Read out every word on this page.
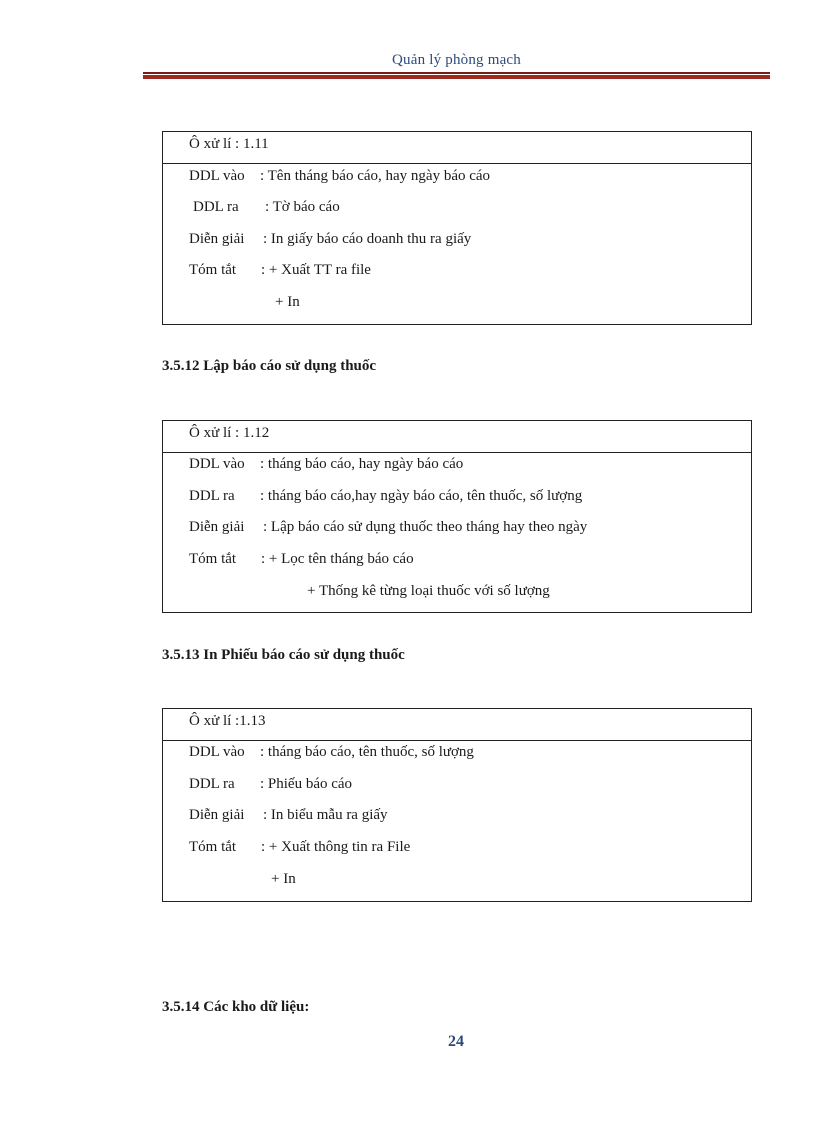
Quản lý phòng mạch
Ô xử lí : 1.11
DDL vào : Tên tháng báo cáo, hay ngày báo cáo
DDL ra : Tờ báo cáo
Diễn giải : In giấy báo cáo doanh thu ra giấy
Tóm tắt : + Xuất TT ra file
+ In
3.5.12 Lập báo cáo sử dụng thuốc
Ô xử lí : 1.12
DDL vào : tháng báo cáo, hay ngày báo cáo
DDL ra : tháng báo cáo,hay ngày báo cáo, tên thuốc, số lượng
Diễn giải : Lập báo cáo sử dụng thuốc theo tháng hay theo ngày
Tóm tắt : + Lọc tên tháng báo cáo
+ Thống kê từng loại thuốc với số lượng
3.5.13 In Phiếu báo cáo sử dụng thuốc
Ô xử lí :1.13
DDL vào : tháng báo cáo, tên thuốc, số lượng
DDL ra : Phiếu báo cáo
Diễn giải : In biểu mẫu ra giấy
Tóm tắt : + Xuất thông tin ra File
+ In
3.5.14 Các kho dữ liệu:
24
